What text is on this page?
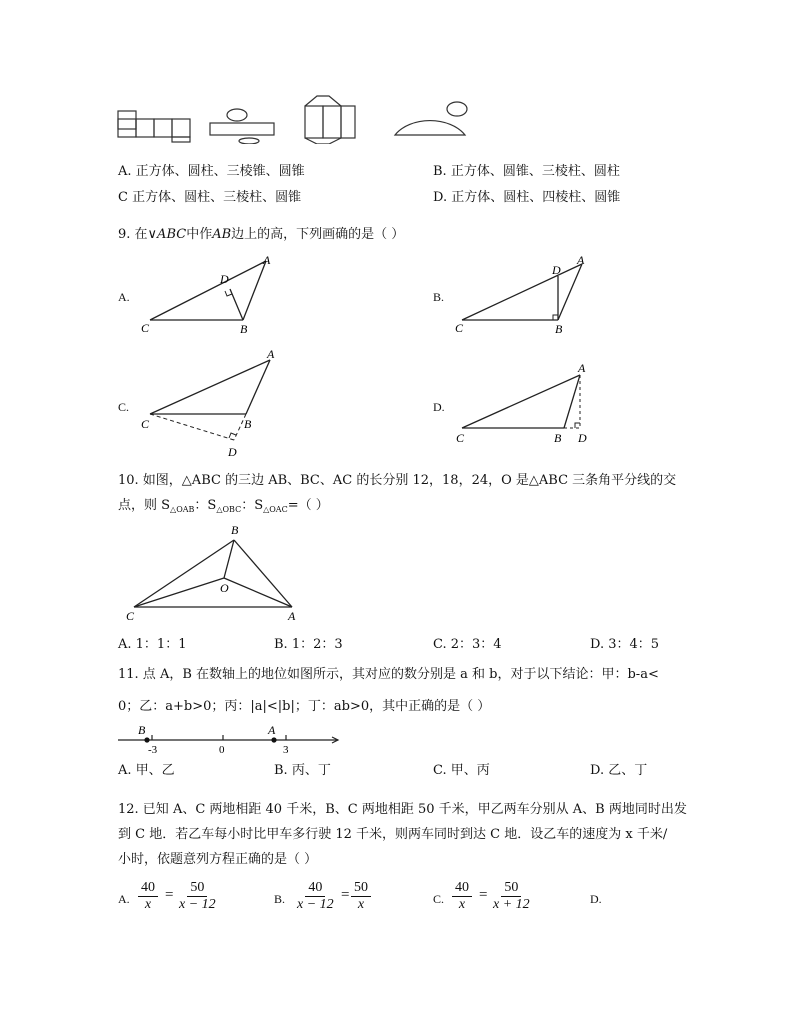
A. 正方体、圆柱、三棱锥、圆锥	B. 正方体、圆锥、三棱柱、圆柱
C 正方体、圆柱、三棱柱、圆锥	D. 正方体、圆柱、四棱柱、圆锥
9. 在∨ABC中作AB边上的高，下列画确的是（ ）
A.	B.
C.	D.
C	B
A
D
C	B
A
D
C	B
A
D
C	B
A
D
10. 如图，△ABC 的三边 AB、BC、AC 的长分别 12，18，24，O 是△ABC 三条角平分线的交
点，则 $S_{\triangle OAB}$：$S_{\triangle OBC}$：$S_{\triangle OAC}=$（ ）
C
B
A
O
A. 1：1：1	B. 1：2：3	C. 2：3：4	D. 3：4：5
11. 点 A，B 在数轴上的地位如图所示，其对应的数分别是 a 和 b，对于以下结论：甲：b-a<
0；乙：a+b>0；丙：|a|<|b|；丁：ab>0，其中正确的是（ ）
B	A
-3	0	3
A. 甲、乙	B. 丙、丁	C. 甲、丙	D. 乙、丁
12. 已知 A、C 两地相距 40 千米，B、C 两地相距 50 千米，甲乙两车分别从 A、B 两地同时出发
到 C 地．若乙车每小时比甲车多行驶 12 千米，则两车同时到达 C 地．设乙车的速度为 x 千米/
小时，依题意列方程正确的是（ ）
A. $\frac{40}{x} = \frac{50}{x - 12}$	B. $\frac{40}{x - 12} = \frac{50}{x}$	C. $\frac{40}{x} = \frac{50}{x + 12}$	D.
